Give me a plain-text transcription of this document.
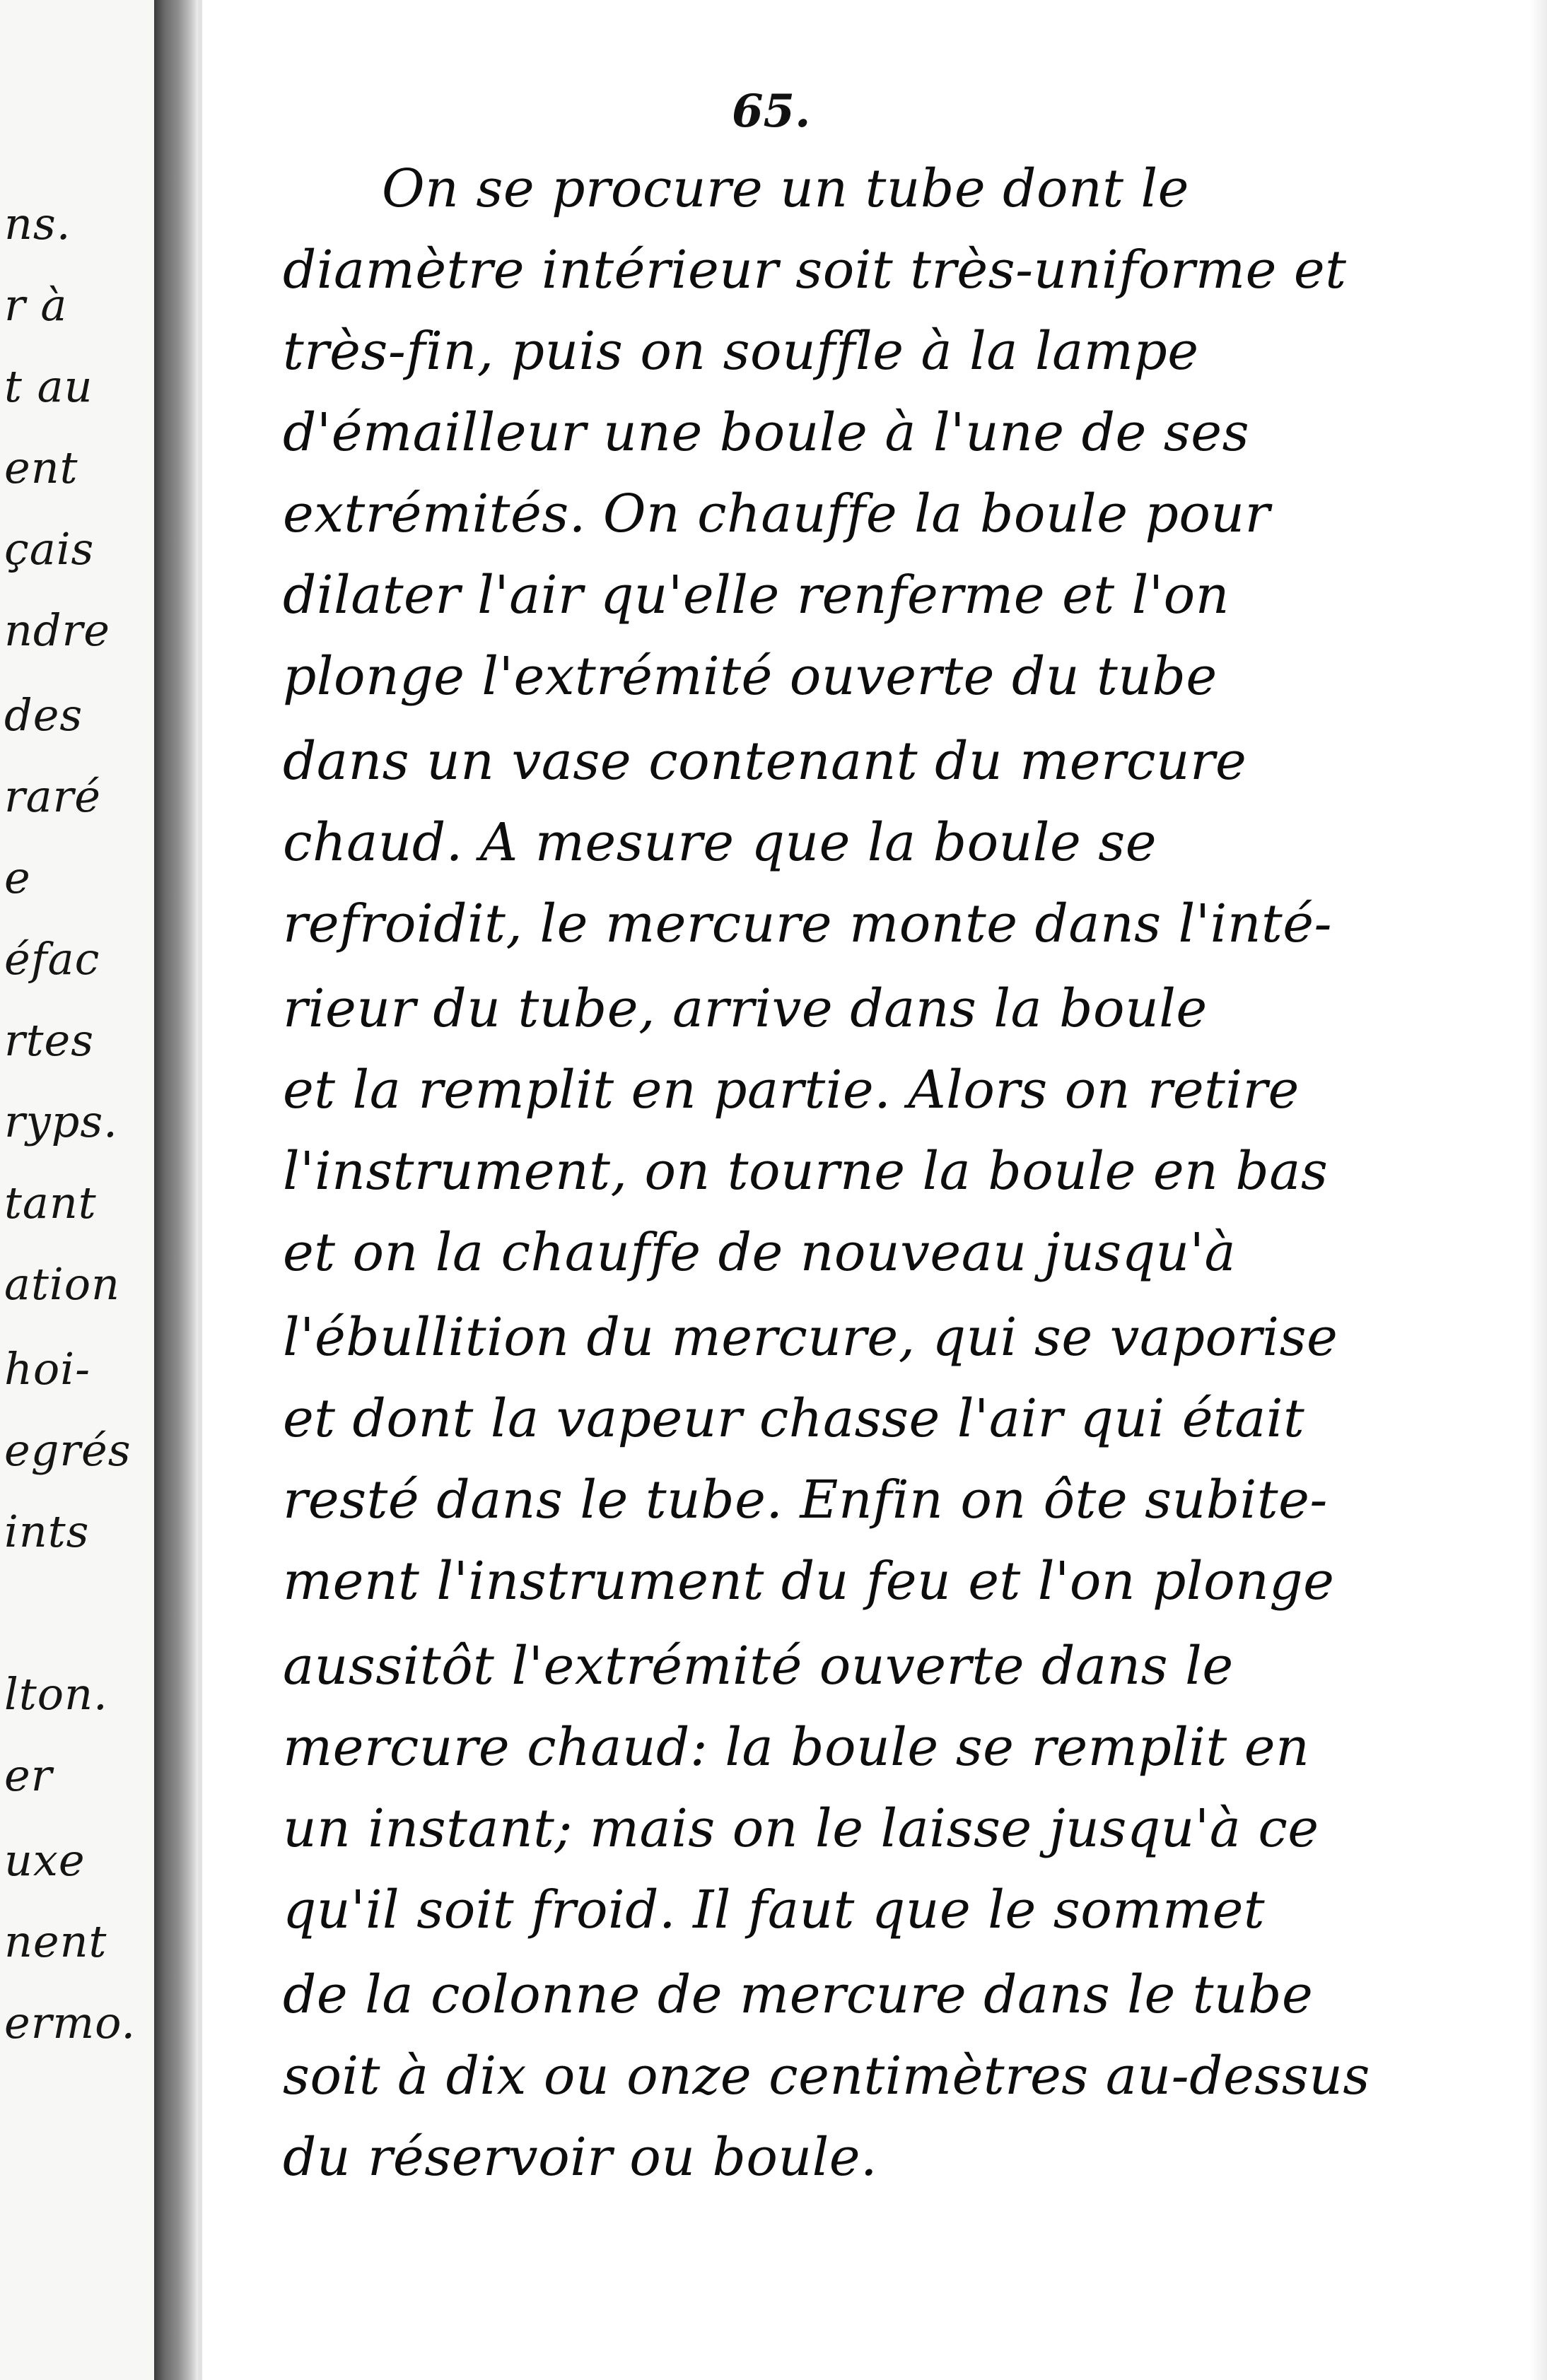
ns.
r à
t au
ent
çais
ndre
des
raré
e
éfac
rtes
ryps.
tant
ation
hoi-
egrés
ints
lton.
er
uxe
nent
ermo.
65.
On se procure un tube dont le
diamètre intérieur soit très-uniforme et
très-fin, puis on souffle à la lampe
d'émailleur une boule à l'une de ses
extrémités. On chauffe la boule pour
dilater l'air qu'elle renferme et l'on
plonge l'extrémité ouverte du tube
dans un vase contenant du mercure
chaud. A mesure que la boule se
refroidit, le mercure monte dans l'inté-
rieur du tube, arrive dans la boule
et la remplit en partie. Alors on retire
l'instrument, on tourne la boule en bas
et on la chauffe de nouveau jusqu'à
l'ébullition du mercure, qui se vaporise
et dont la vapeur chasse l'air qui était
resté dans le tube. Enfin on ôte subite-
ment l'instrument du feu et l'on plonge
aussitôt l'extrémité ouverte dans le
mercure chaud: la boule se remplit en
un instant; mais on le laisse jusqu'à ce
qu'il soit froid. Il faut que le sommet
de la colonne de mercure dans le tube
soit à dix ou onze centimètres au-dessus
du réservoir ou boule.
